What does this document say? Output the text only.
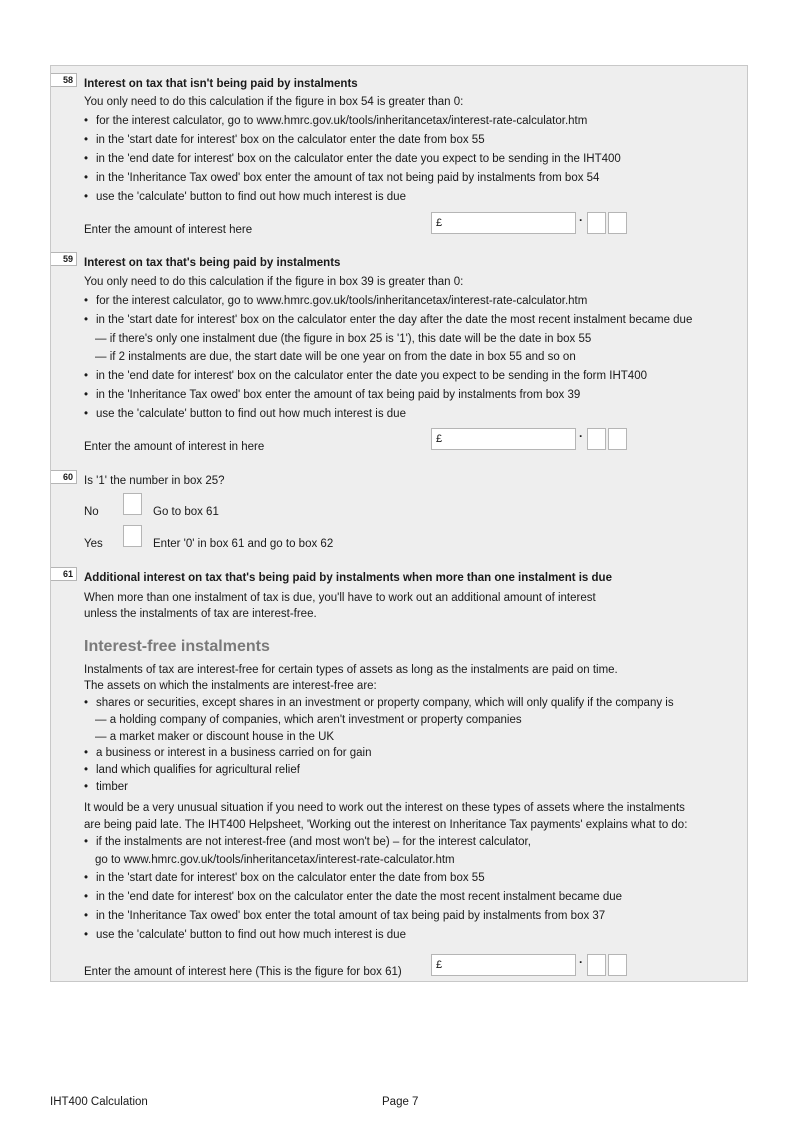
58 Interest on tax that isn't being paid by instalments
You only need to do this calculation if the figure in box 54 is greater than 0:
• for the interest calculator, go to www.hmrc.gov.uk/tools/inheritancetax/interest-rate-calculator.htm
• in the 'start date for interest' box on the calculator enter the date from box 55
• in the 'end date for interest' box on the calculator enter the date you expect to be sending in the IHT400
• in the 'Inheritance Tax owed' box enter the amount of tax not being paid by instalments from box 54
• use the 'calculate' button to find out how much interest is due
Enter the amount of interest here
£	·
59 Interest on tax that's being paid by instalments
You only need to do this calculation if the figure in box 39 is greater than 0:
• for the interest calculator, go to www.hmrc.gov.uk/tools/inheritancetax/interest-rate-calculator.htm
• in the 'start date for interest' box on the calculator enter the day after the date the most recent instalment became due
— if there's only one instalment due (the figure in box 25 is '1'), this date will be the date in box 55
— if 2 instalments are due, the start date will be one year on from the date in box 55 and so on
• in the 'end date for interest' box on the calculator enter the date you expect to be sending in the form IHT400
• in the 'Inheritance Tax owed' box enter the amount of tax being paid by instalments from box 39
• use the 'calculate' button to find out how much interest is due
Enter the amount of interest in here
£	·
60 Is '1' the number in box 25?
No	Go to box 61
Yes	Enter '0' in box 61 and go to box 62
61 Additional interest on tax that's being paid by instalments when more than one instalment is due
When more than one instalment of tax is due, you'll have to work out an additional amount of interest
unless the instalments of tax are interest-free.
Interest-free instalments
Instalments of tax are interest-free for certain types of assets as long as the instalments are paid on time.
The assets on which the instalments are interest-free are:
• shares or securities, except shares in an investment or property company, which will only qualify if the company is
— a holding company of companies, which aren't investment or property companies
— a market maker or discount house in the UK
• a business or interest in a business carried on for gain
• land which qualifies for agricultural relief
• timber
It would be a very unusual situation if you need to work out the interest on these types of assets where the instalments
are being paid late. The IHT400 Helpsheet, 'Working out the interest on Inheritance Tax payments' explains what to do:
• if the instalments are not interest-free (and most won't be) – for the interest calculator,
go to www.hmrc.gov.uk/tools/inheritancetax/interest-rate-calculator.htm
• in the 'start date for interest' box on the calculator enter the date from box 55
• in the 'end date for interest' box on the calculator enter the date the most recent instalment became due
• in the 'Inheritance Tax owed' box enter the total amount of tax being paid by instalments from box 37
• use the 'calculate' button to find out how much interest is due
Enter the amount of interest here (This is the figure for box 61)
£	·
IHT400 Calculation	Page 7
